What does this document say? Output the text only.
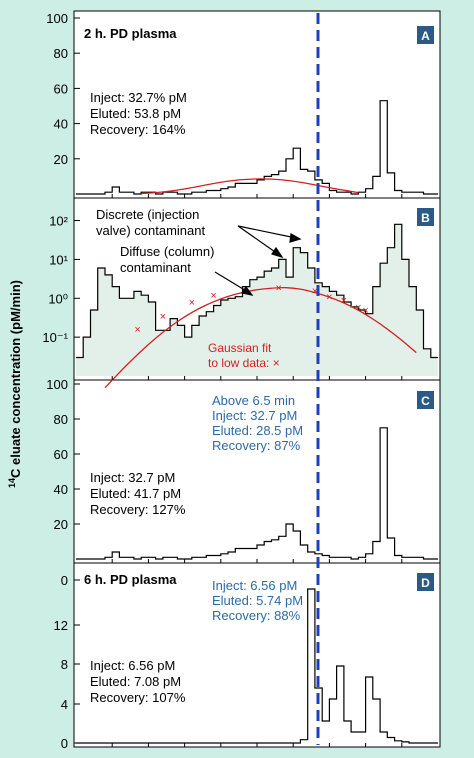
×
×
×
×
×	×
× ×
× ×
20
40
60
80
100
10⁻¹
10⁰
10¹
10²
20
40
60
80
100
0
4
8
12
0
$^{14}$C eluate concentration (pM/min)
2 h. PD plasma	A
Inject: 32.7% pM
Eluted: 53.8 pM
Recovery: 164%
B
Discrete (injection
valve) contaminant
Diffuse (column)
contaminant
Gaussian fit
to low data: ×
C
Above 6.5 min
Inject: 32.7 pM
Eluted: 28.5 pM
Recovery: 87%
Inject: 32.7 pM
Eluted: 41.7 pM
Recovery: 127%
6 h. PD plasma	D
Inject: 6.56 pM
Eluted: 5.74 pM
Recovery: 88%
Inject: 6.56 pM
Eluted: 7.08 pM
Recovery: 107%
